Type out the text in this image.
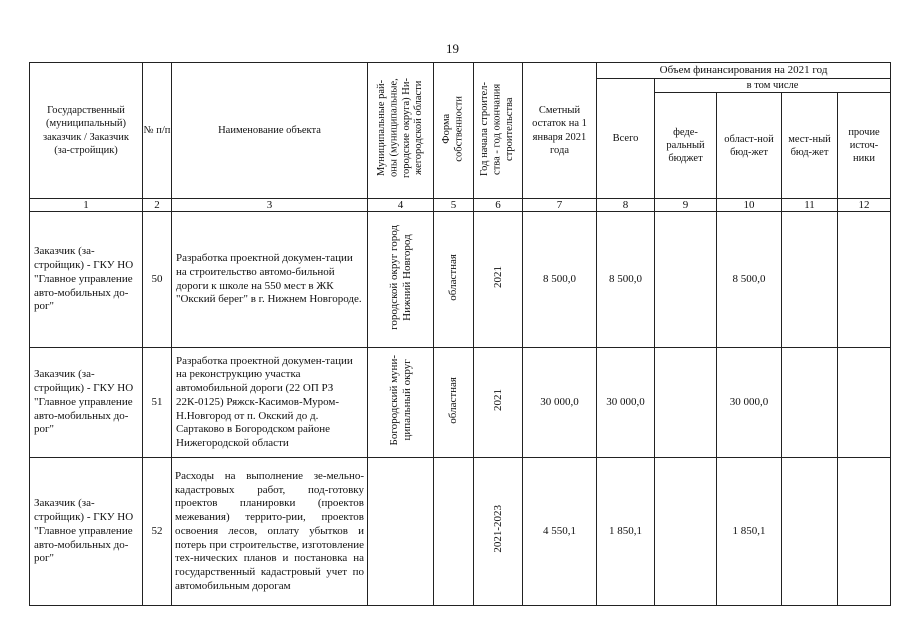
19
Государственный (муниципальный) заказчик / Заказчик (за-стройщик)	№ п/п	Наименование объекта	Муниципальные рай-
оны (муниципальные,
городские округа) Ни-
жегородской области	Форма
собственности	Год начала строител-
ства - год окончания
строительства	Сметный остаток на 1 января 2021 года	Объем финансирования на 2021 год				
							Всего	в том числе			
								феде-ральный бюджет	област-ной бюд-жет	мест-ный бюд-жет	прочие источ-ники
1	2	3	4	5	6	7	8	9	10	11	12
Заказчик (за-стройщик) - ГКУ НО "Главное управление авто-мобильных до-рог"	50	Разработка проектной докумен-тации на строительство автомо-бильной дороги к школе на 550 мест в ЖК "Окский берег" в г. Нижнем Новгороде.	городской округ город
Нижний Новгород	областная	2021	8 500,0	8 500,0		8 500,0		
Заказчик (за-стройщик) - ГКУ НО "Главное управление авто-мобильных до-рог"	51	Разработка проектной докумен-тации на реконструкцию участка автомобильной дороги (22 ОП РЗ 22К-0125) Ряжск-Касимов-Муром-Н.Новгород от п. Окский до д. Сартаково в Богородском районе Нижегородской области	Богородский муни-
ципальный округ	областная	2021	30 000,0	30 000,0		30 000,0		
Заказчик (за-стройщик) - ГКУ НО "Главное управление авто-мобильных до-рог"	52	Расходы на выполнение зе-мельно-кадастровых работ, под-готовку проектов планировки (проектов межевания) террито-рии, проектов освоения лесов, оплату убытков и потерь при строительстве, изготовление тех-нических планов и постановка на государственный кадастровый учет по автомобильным дорогам			2021-2023	4 550,1	1 850,1		1 850,1		
